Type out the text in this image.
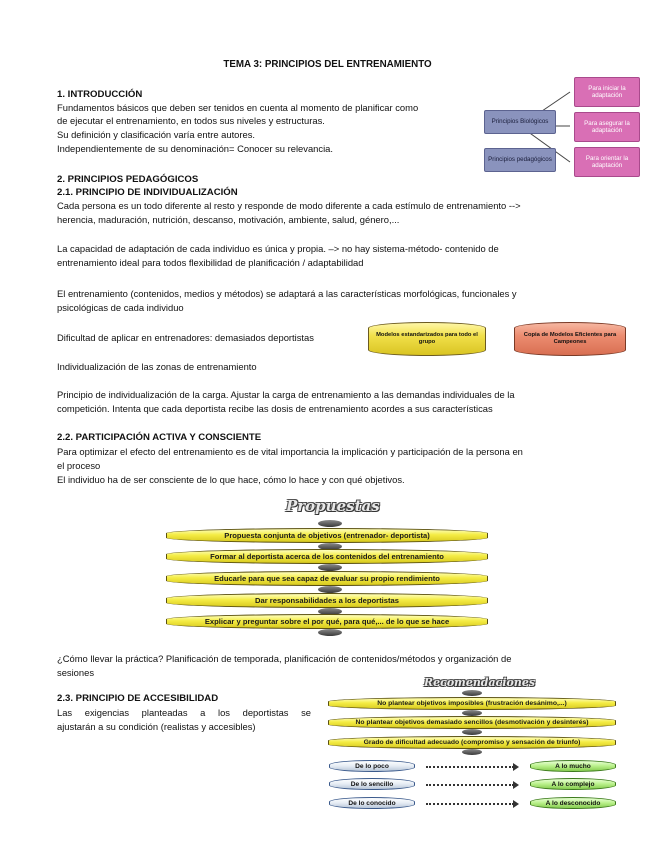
TEMA 3: PRINCIPIOS DEL ENTRENAMIENTO
1. INTRODUCCIÓN
Fundamentos básicos que deben ser tenidos en cuenta al momento de planificar como
de ejecutar el entrenamiento, en todos sus niveles y estructuras.
Su definición y clasificación varía entre autores.
Independientemente de su denominación= Conocer su relevancia.
Principios Biológicos
Principios pedagógicos
Para iniciar la adaptación
Para asegurar la adaptación
Para orientar la adaptación
2. PRINCIPIOS PEDAGÓGICOS
2.1. PRINCIPIO DE INDIVIDUALIZACIÓN
Cada persona es un todo diferente al resto y responde de modo diferente a cada estímulo de entrenamiento -->
herencia, maduración, nutrición, descanso, motivación, ambiente, salud, género,...
La capacidad de adaptación de cada individuo es única y propia. –> no hay sistema-método- contenido de
entrenamiento ideal para todos flexibilidad de planificación / adaptabilidad
El entrenamiento (contenidos, medios y métodos) se adaptará a las características morfológicas, funcionales y
psicológicas de cada individuo
Dificultad de aplicar en entrenadores: demasiados deportistas	Modelos estandarizados para todo el grupo
Copia de Modelos Eficientes para Campeones
Individualización de las zonas de entrenamiento
Principio de individualización de la carga. Ajustar la carga de entrenamiento a las demandas individuales de la
competición. Intenta que cada deportista recibe las dosis de entrenamiento acordes a sus características
2.2. PARTICIPACIÓN ACTIVA Y CONSCIENTE
Para optimizar el efecto del entrenamiento es de vital importancia la implicación y participación de la persona en
el proceso
El individuo ha de ser consciente de lo que hace, cómo lo hace y con qué objetivos.
Propuestas
Propuesta conjunta de objetivos (entrenador- deportista)
Formar al deportista acerca de los contenidos del entrenamiento
Educarle para que sea capaz de evaluar su propio rendimiento
Dar responsabilidades a los deportistas
Explicar y preguntar sobre el por qué, para qué,... de lo que se hace
¿Cómo llevar la práctica? Planificación de temporada, planificación de contenidos/métodos y organización de
sesiones
2.3. PRINCIPIO DE ACCESIBILIDAD
Las exigencias planteadas a los deportistas se
ajustarán a su condición (realistas y accesibles)
Recomendaciones
No plantear objetivos imposibles (frustración desánimo,...)
No plantear objetivos demasiado sencillos (desmotivación y desinterés)
Grado de dificultad adecuado (compromiso y sensación de triunfo)
De lo poco
De lo sencillo
De lo conocido
A lo mucho
A lo complejo
A lo desconocido
